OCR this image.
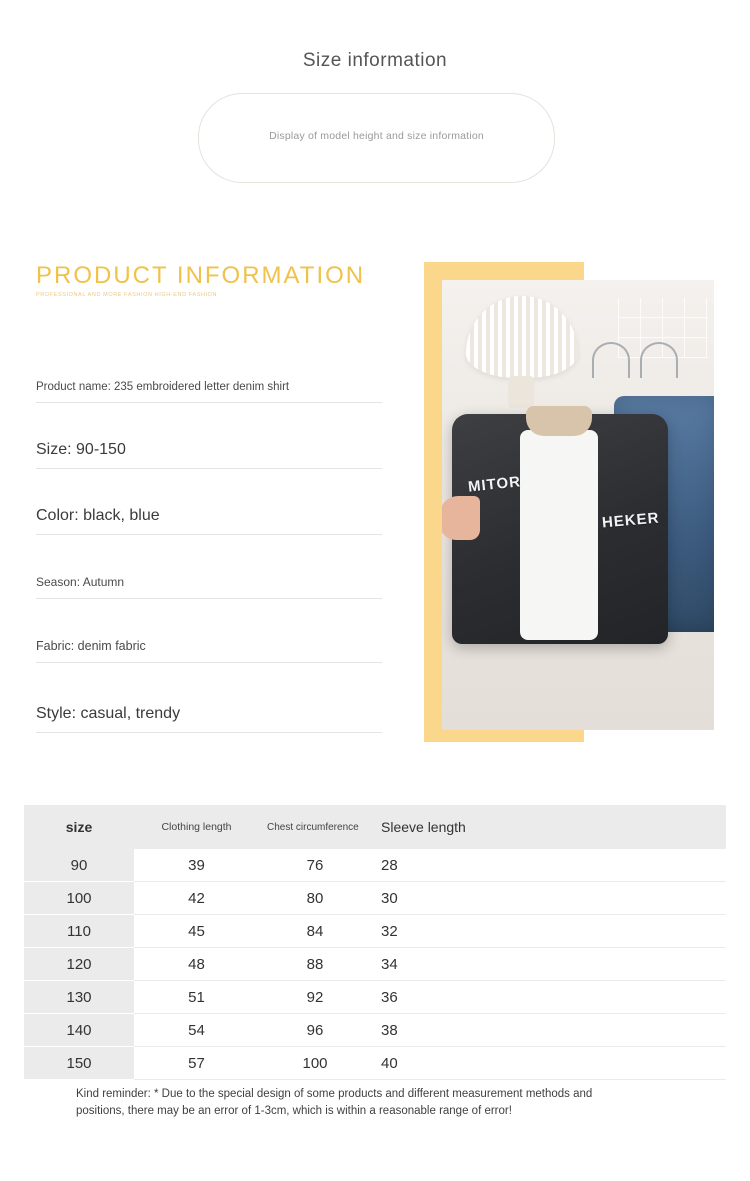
Size information
Display of model height and size information
PRODUCT INFORMATION
PROFESSIONAL AND MORE FASHION HIGH-END FASHION
Product name: 235 embroidered letter denim shirt
Size: 90-150
Color: black, blue
Season: Autumn
Fabric: denim fabric
Style: casual, trendy
MITOR
HEKER
size	Clothing length	Chest circumference	Sleeve length
90	39	76	28
100	42	80	30
110	45	84	32
120	48	88	34
130	51	92	36
140	54	96	38
150	57	100	40
Kind reminder: * Due to the special design of some products and different measurement methods and positions, there may be an error of 1-3cm, which is within a reasonable range of error!
